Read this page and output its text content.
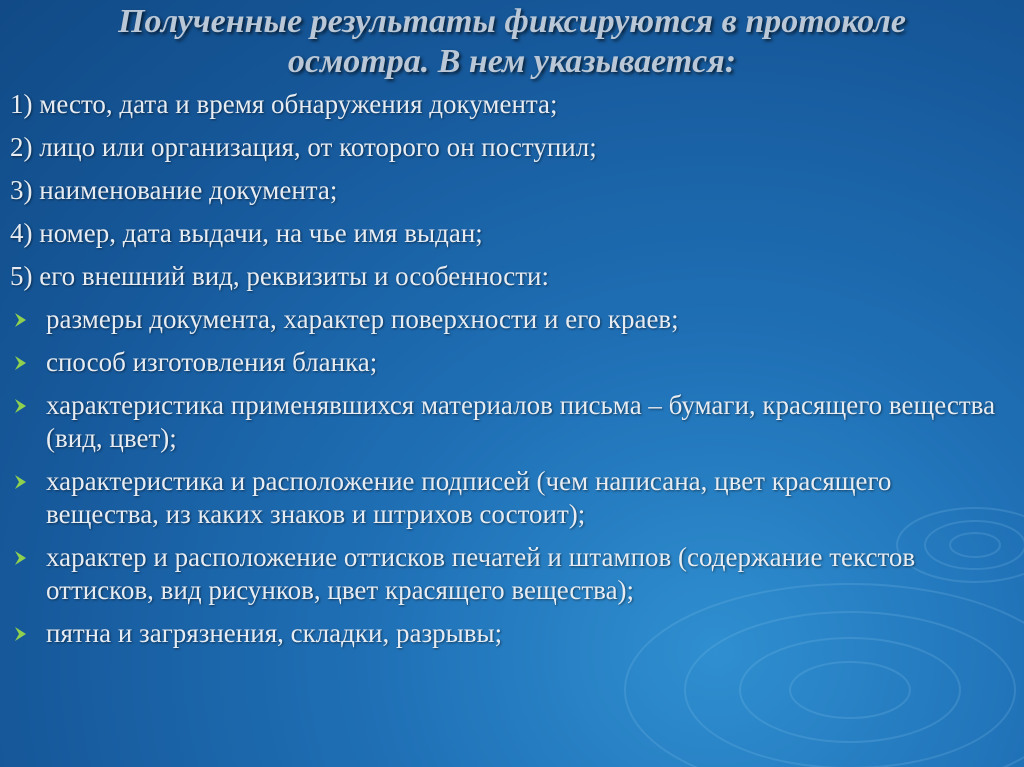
Полученные результаты фиксируются в протоколе
осмотра. В нем указывается:
1) место, дата и время обнаружения документа;
2) лицо или организация, от которого он поступил;
3) наименование документа;
4) номер, дата выдачи, на чье имя выдан;
5) его внешний вид, реквизиты и особенности:
размеры документа, характер поверхности и его краев;
способ изготовления бланка;
характеристика применявшихся материалов письма – бумаги, красящего вещества (вид, цвет);
характеристика и расположение подписей (чем написана, цвет красящего вещества, из каких знаков и штрихов состоит);
характер и расположение оттисков печатей и штампов (содержание текстов оттисков, вид рисунков, цвет красящего вещества);
пятна и загрязнения, складки, разрывы;
